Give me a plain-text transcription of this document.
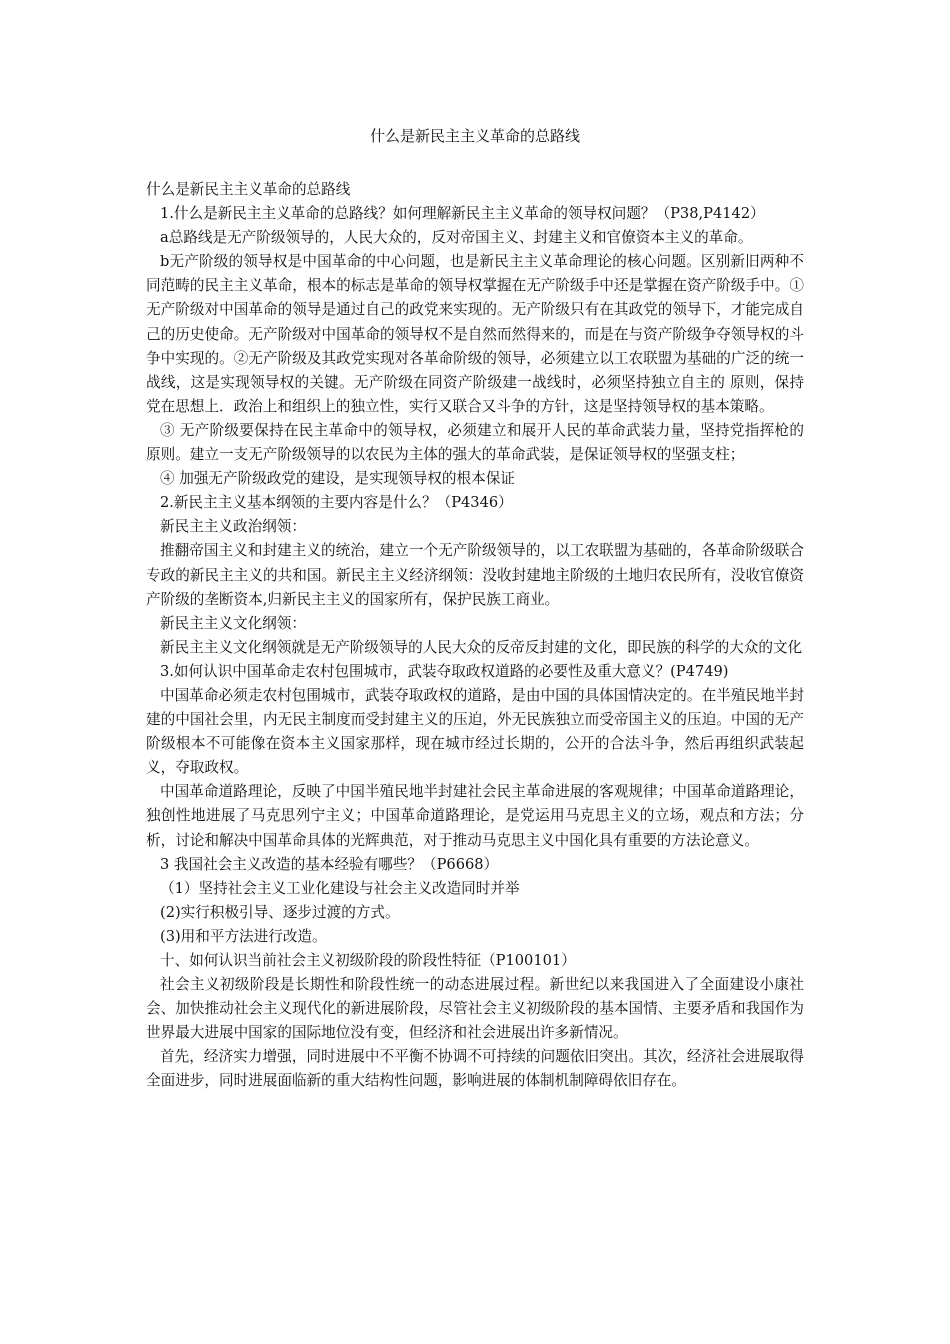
什么是新民主主义革命的总路线

什么是新民主主义革命的总路线

1.什么是新民主主义革命的总路线？如何理解新民主主义革命的领导权问题？（P38,P4142）

a总路线是无产阶级领导的，人民大众的，反对帝国主义、封建主义和官僚资本主义的革命。

b无产阶级的领导权是中国革命的中心问题，也是新民主主义革命理论的核心问题。区别新旧两种不同范畴的民主主义革命，根本的标志是革命的领导权掌握在无产阶级手中还是掌握在资产阶级手中。①无产阶级对中国革命的领导是通过自己的政党来实现的。无产阶级只有在其政党的领导下，才能完成自己的历史使命。无产阶级对中国革命的领导权不是自然而然得来的，而是在与资产阶级争夺领导权的斗争中实现的。②无产阶级及其政党实现对各革命阶级的领导，必须建立以工农联盟为基础的广泛的统一战线，这是实现领导权的关键。无产阶级在同资产阶级建一战线时，必须坚持独立自主的 原则，保持党在思想上．政治上和组织上的独立性，实行又联合又斗争的方针，这是坚持领导权的基本策略。

③ 无产阶级要保持在民主革命中的领导权，必须建立和展开人民的革命武装力量，坚持党指挥枪的原则。建立一支无产阶级领导的以农民为主体的强大的革命武装，是保证领导权的坚强支柱；

④ 加强无产阶级政党的建设，是实现领导权的根本保证

2.新民主主义基本纲领的主要内容是什么？（P4346）

新民主主义政治纲领：

推翻帝国主义和封建主义的统治，建立一个无产阶级领导的，以工农联盟为基础的，各革命阶级联合专政的新民主主义的共和国。新民主主义经济纲领：没收封建地主阶级的土地归农民所有，没收官僚资产阶级的垄断资本,归新民主主义的国家所有，保护民族工商业。

新民主主义文化纲领：

新民主主义文化纲领就是无产阶级领导的人民大众的反帝反封建的文化，即民族的科学的大众的文化

3.如何认识中国革命走农村包围城市，武装夺取政权道路的必要性及重大意义？(P4749)

中国革命必须走农村包围城市，武装夺取政权的道路，是由中国的具体国情决定的。在半殖民地半封建的中国社会里，内无民主制度而受封建主义的压迫，外无民族独立而受帝国主义的压迫。中国的无产阶级根本不可能像在资本主义国家那样，现在城市经过长期的，公开的合法斗争，然后再组织武装起义，夺取政权。

中国革命道路理论，反映了中国半殖民地半封建社会民主革命进展的客观规律；中国革命道路理论，独创性地进展了马克思列宁主义；中国革命道路理论，是党运用马克思主义的立场，观点和方法；分析，讨论和解决中国革命具体的光辉典范，对于推动马克思主义中国化具有重要的方法论意义。

3 我国社会主义改造的基本经验有哪些？（P6668）

（1）坚持社会主义工业化建设与社会主义改造同时并举

(2)实行积极引导、逐步过渡的方式。

(3)用和平方法进行改造。

十、如何认识当前社会主义初级阶段的阶段性特征（P100101）

社会主义初级阶段是长期性和阶段性统一的动态进展过程。新世纪以来我国进入了全面建设小康社会、加快推动社会主义现代化的新进展阶段，尽管社会主义初级阶段的基本国情、主要矛盾和我国作为世界最大进展中国家的国际地位没有变，但经济和社会进展出许多新情况。

首先，经济实力增强，同时进展中不平衡不协调不可持续的问题依旧突出。其次，经济社会进展取得全面进步，同时进展面临新的重大结构性问题，影响进展的体制机制障碍依旧存在。
